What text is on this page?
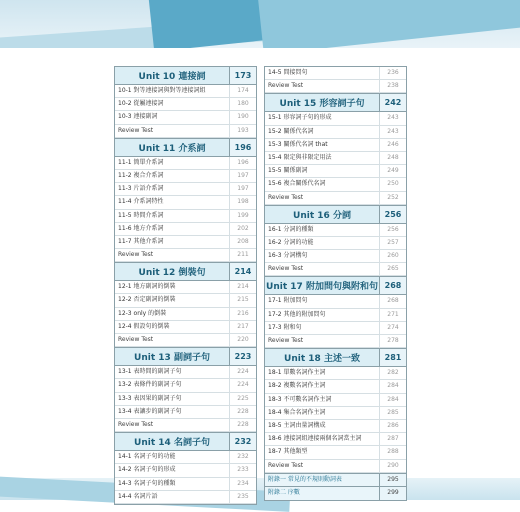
Unit 10 連接詞	173
10-1 對等連接詞與對等連接詞組	174
10-2 從屬連接詞	180
10-3 連接副詞	190
Review Test	193
Unit 11 介系詞	196
11-1 簡單介系詞	196
11-2 複合介系詞	197
11-3 片語介系詞	197
11-4 介系詞特性	198
11-5 時間介系詞	199
11-6 地方介系詞	202
11-7 其他介系詞	208
Review Test	211
Unit 12 倒裝句	214
12-1 地方副詞的倒裝	214
12-2 否定副詞的倒裝	215
12-3 only 的倒裝	216
12-4 假設句的倒裝	217
Review Test	220
Unit 13 副詞子句	223
13-1 表時間的副詞子句	224
13-2 表條件的副詞子句	224
13-3 表因果的副詞子句	225
13-4 表讓步的副詞子句	228
Review Test	228
Unit 14 名詞子句	232
14-1 名詞子句的功能	232
14-2 名詞子句的形成	233
14-3 名詞子句的種類	234
14-4 名詞片語	235
14-5 間接問句	236
Review Test	238
Unit 15 形容詞子句	242
15-1 形容詞子句的形成	243
15-2 關係代名詞	243
15-3 關係代名詞 that	246
15-4 限定與非限定用法	248
15-5 關係副詞	249
15-6 複合關係代名詞	250
Review Test	252
Unit 16 分詞	256
16-1 分詞的種類	256
16-2 分詞的功能	257
16-3 分詞構句	260
Review Test	265
Unit 17 附加問句與附和句 268
17-1 附加問句	268
17-2 其他的附加問句	271
17-3 附和句	274
Review Test	278
Unit 18 主述一致	281
18-1 單數名詞作主詞	282
18-2 複數名詞作主詞	284
18-3 不可數名詞作主詞	284
18-4 集合名詞作主詞	285
18-5 主詞由量詞構成	286
18-6 連接詞組連接兩個名詞當主詞	287
18-7 其他類型	288
Review Test	290
附錄一 常見的不規則動詞表	295
附錄二 序數	299
